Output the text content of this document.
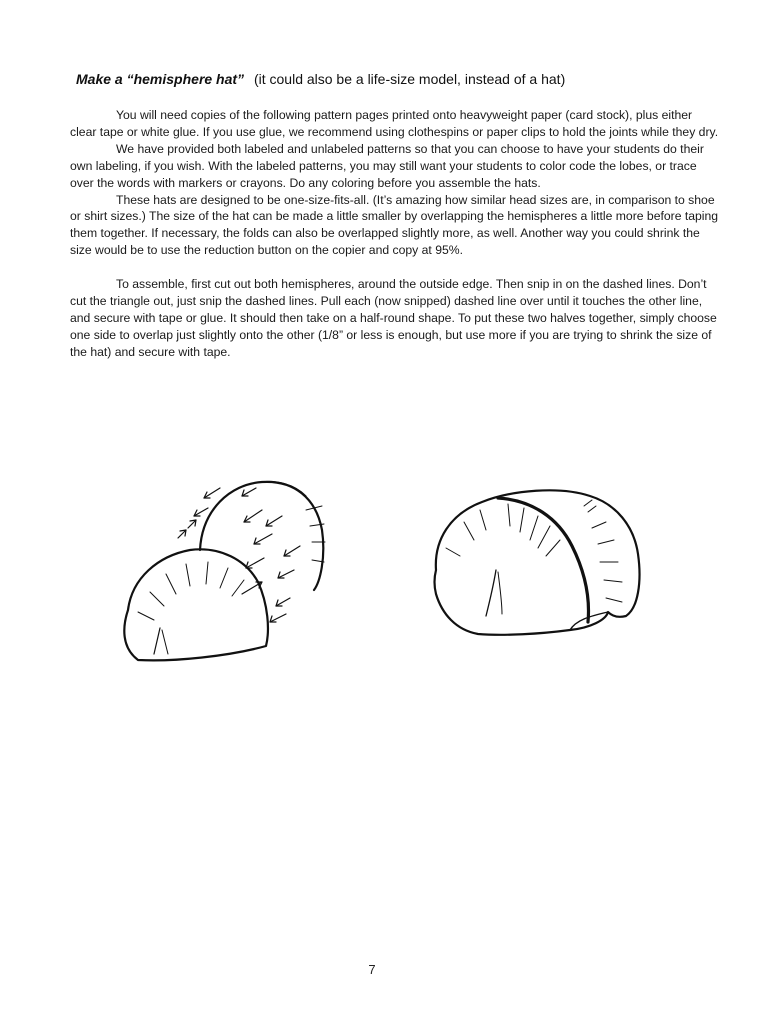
Make a “hemisphere hat” (it could also be a life-size model, instead of a hat)

You will need copies of the following pattern pages printed onto heavyweight paper (card stock), plus either clear tape or white glue. If you use glue, we recommend using clothespins or paper clips to hold the joints while they dry.

We have provided both labeled and unlabeled patterns so that you can choose to have your students do their own labeling, if you wish. With the labeled patterns, you may still want your students to color code the lobes, or trace over the words with markers or crayons. Do any coloring before you assemble the hats.

These hats are designed to be one-size-fits-all. (It’s amazing how similar head sizes are, in comparison to shoe or shirt sizes.) The size of the hat can be made a little smaller by overlapping the hemispheres a little more before taping them together. If necessary, the folds can also be overlapped slightly more, as well. Another way you could shrink the size would be to use the reduction button on the copier and copy at 95%.

To assemble, first cut out both hemispheres, around the outside edge. Then snip in on the dashed lines. Don’t cut the triangle out, just snip the dashed lines. Pull each (now snipped) dashed line over until it touches the other line, and secure with tape or glue. It should then take on a half-round shape. To put these two halves together, simply choose one side to overlap just slightly onto the other (1/8” or less is enough, but use more if you are trying to shrink the size of the hat) and secure with tape.

7
